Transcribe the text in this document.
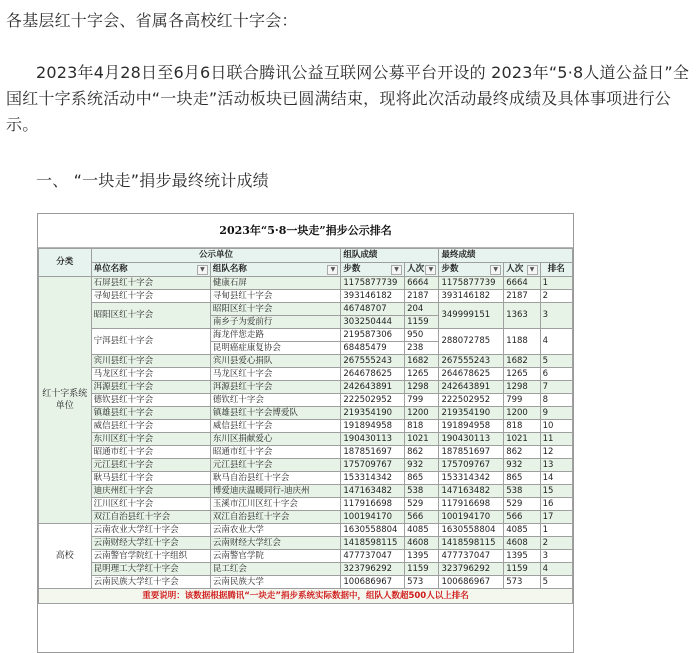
各基层红十字会、省属各高校红十字会：
2023年4月28日至6月6日联合腾讯公益互联网公募平台开设的 2023年“5·8人道公益日”全国红十字系统活动中“一块走”活动板块已圆满结束，现将此次活动最终成绩及具体事项进行公示。
一、 “一块走”捐步最终统计成绩
2023年“5·8一块走”捐步公示排名
分类	公示单位		组队成绩		最终成绩		
	单位名称 ▼	组队名称 ▼	步数 ▼	人次 ▼	步数 ▼	人次 ▼	排名
红十字系统单位	石屏县红十字会	健康石屏	1175877739	6664	1175877739	6664	1
	寻甸县红十字会	寻甸县红十字会	393146182	2187	393146182	2187	2
	昭阳区红十字会	昭阳区红十字会	46748707	204	349999151	1363	3
		南乡子为爱前行	303250444	1159			
	宁洱县红十字会	海龙伴您走路	219587306	950	288072785	1188	4
		昆明癌症康复协会	68485479	238			
	宾川县红十字会	宾川县爱心捐队	267555243	1682	267555243	1682	5
	马龙区红十字会	马龙区红十字会	264678625	1265	264678625	1265	6
	洱源县红十字会	洱源县红十字会	242643891	1298	242643891	1298	7
	德钦县红十字会	德钦红十字会	222502952	799	222502952	799	8
	镇雄县红十字会	镇雄县红十字会博爱队	219354190	1200	219354190	1200	9
	威信县红十字会	威信县红十字会	191894958	818	191894958	818	10
	东川区红十字会	东川区捐献爱心	190430113	1021	190430113	1021	11
	昭通市红十字会	昭通市红十字会	187851697	862	187851697	862	12
	元江县红十字会	元江县红十字会	175709767	932	175709767	932	13
	耿马县红十字会	耿马自治县红十字会	153314342	865	153314342	865	14
	迪庆州红十字会	博爱迪庆温暖同行-迪庆州	147163482	538	147163482	538	15
	江川区红十字会	玉溪市江川区红十字会	117916698	529	117916698	529	16
	双江自治县红十字会	双江自治县红十字会	100194170	566	100194170	566	17
高校	云南农业大学红十字会	云南农业大学	1630558804	4085	1630558804	4085	1
	云南财经大学红十字会	云南财经大学红会	1418598115	4608	1418598115	4608	2
	云南警官学院红十字组织	云南警官学院	477737047	1395	477737047	1395	3
	昆明理工大学红十字会	昆工红会	323796292	1159	323796292	1159	4
	云南民族大学红十字会	云南民族大学	100686967	573	100686967	573	5
重要说明：该数据根据腾讯“一块走”捐步系统实际数据中，组队人数超500人以上排名							
